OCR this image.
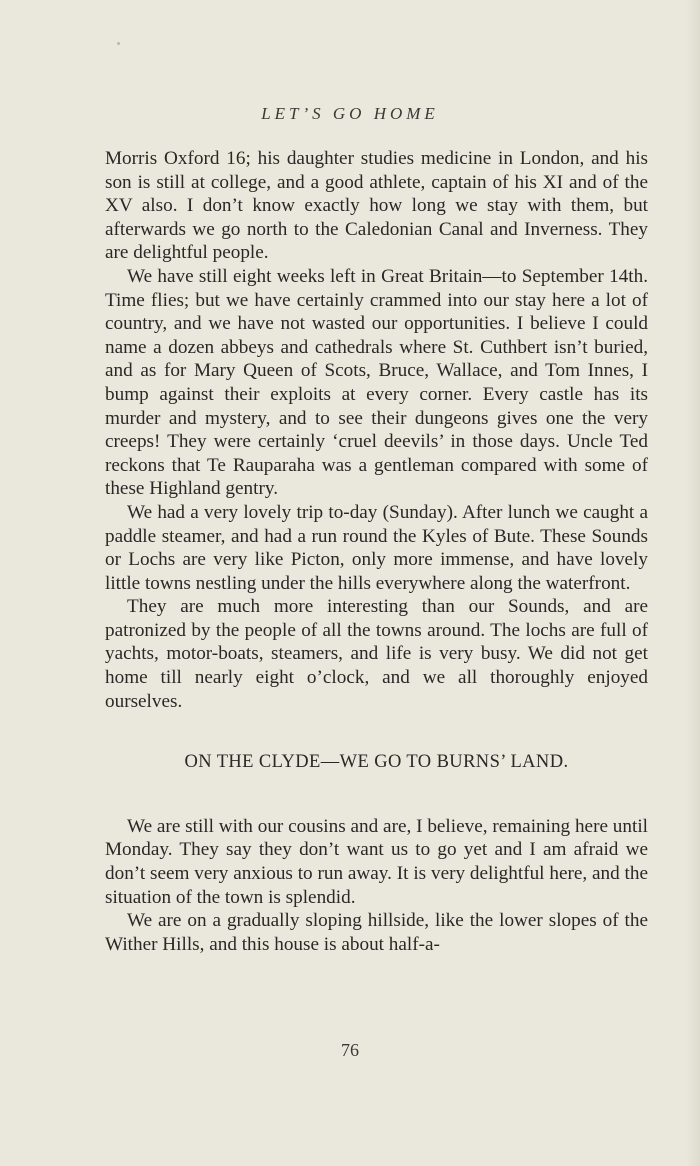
LET’S GO HOME

Morris Oxford 16; his daughter studies medicine in London, and his son is still at college, and a good athlete, captain of his XI and of the XV also. I don’t know exactly how long we stay with them, but afterwards we go north to the Caledonian Canal and Inverness. They are delightful people.

We have still eight weeks left in Great Britain—to September 14th. Time flies; but we have certainly crammed into our stay here a lot of country, and we have not wasted our opportunities. I believe I could name a dozen abbeys and cathedrals where St. Cuthbert isn’t buried, and as for Mary Queen of Scots, Bruce, Wallace, and Tom Innes, I bump against their exploits at every corner. Every castle has its murder and mystery, and to see their dungeons gives one the very creeps! They were certainly ‘cruel deevils’ in those days. Uncle Ted reckons that Te Rauparaha was a gentleman compared with some of these Highland gentry.

We had a very lovely trip to-day (Sunday). After lunch we caught a paddle steamer, and had a run round the Kyles of Bute. These Sounds or Lochs are very like Picton, only more immense, and have lovely little towns nestling under the hills everywhere along the waterfront.

They are much more interesting than our Sounds, and are patronized by the people of all the towns around. The lochs are full of yachts, motor-boats, steamers, and life is very busy. We did not get home till nearly eight o’clock, and we all thoroughly enjoyed ourselves.

ON THE CLYDE—WE GO TO BURNS’ LAND.

We are still with our cousins and are, I believe, remaining here until Monday. They say they don’t want us to go yet and I am afraid we don’t seem very anxious to run away. It is very delightful here, and the situation of the town is splendid.

We are on a gradually sloping hillside, like the lower slopes of the Wither Hills, and this house is about half-a-

76
